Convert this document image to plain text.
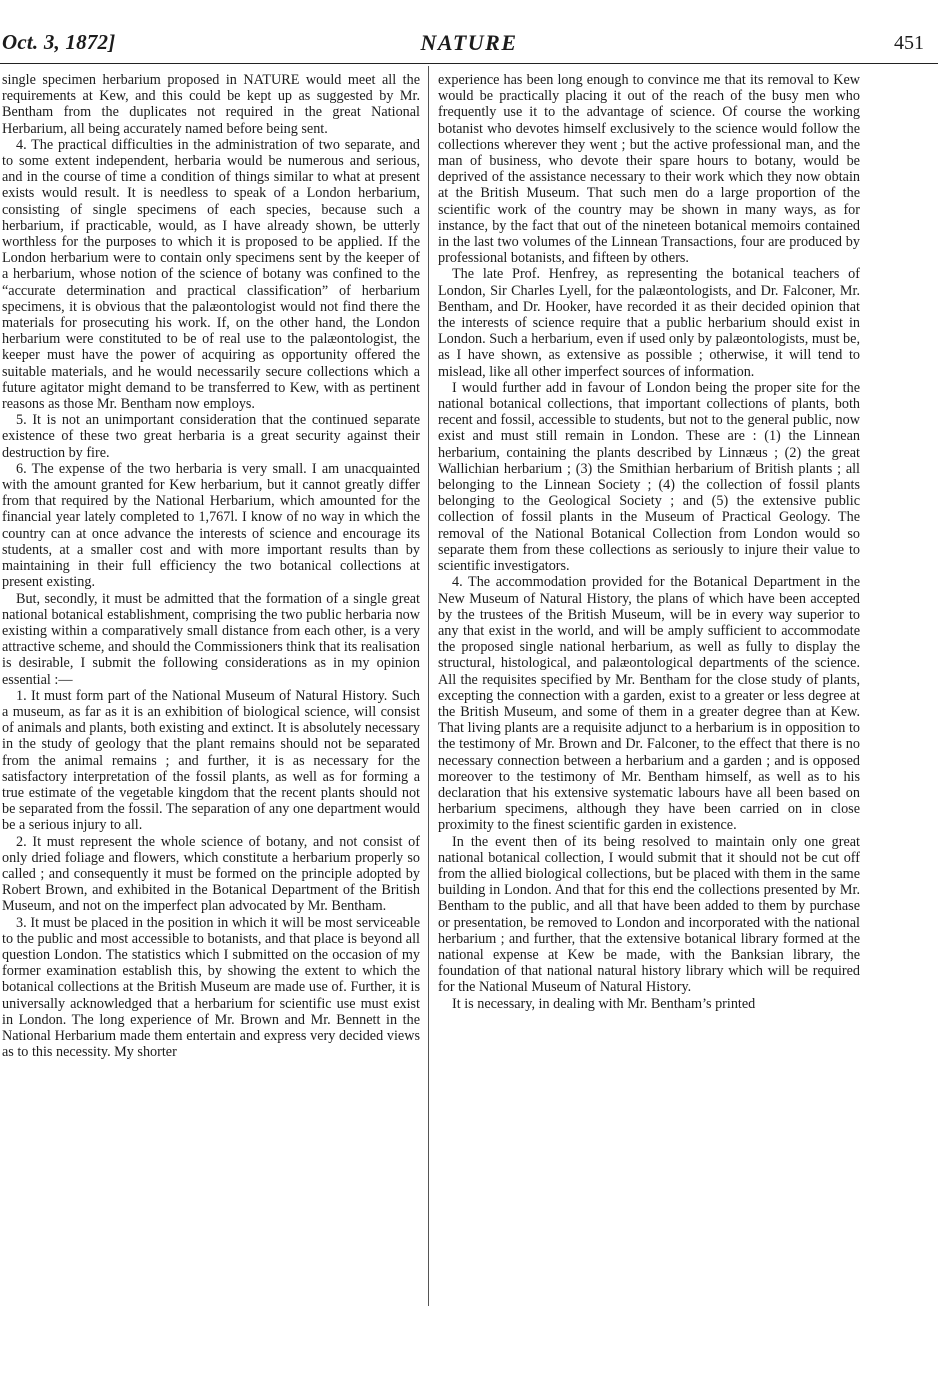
Oct. 3, 1872]	NATURE	451

single specimen herbarium proposed in NATURE would meet all the requirements at Kew, and this could be kept up as suggested by Mr. Bentham from the duplicates not required in the great National Herbarium, all being accurately named before being sent.

4. The practical difficulties in the administration of two separate, and to some extent independent, herbaria would be numerous and serious, and in the course of time a condition of things similar to what at present exists would result. It is needless to speak of a London herbarium, consisting of single specimens of each species, because such a herbarium, if practicable, would, as I have already shown, be utterly worthless for the purposes to which it is proposed to be applied. If the London herbarium were to contain only specimens sent by the keeper of a herbarium, whose notion of the science of botany was confined to the “accurate determination and practical classification” of herbarium specimens, it is obvious that the palæontologist would not find there the materials for prosecuting his work. If, on the other hand, the London herbarium were constituted to be of real use to the palæontologist, the keeper must have the power of acquiring as opportunity offered the suitable materials, and he would necessarily secure collections which a future agitator might demand to be transferred to Kew, with as pertinent reasons as those Mr. Bentham now employs.

5. It is not an unimportant consideration that the continued separate existence of these two great herbaria is a great security against their destruction by fire.

6. The expense of the two herbaria is very small. I am unacquainted with the amount granted for Kew herbarium, but it cannot greatly differ from that required by the National Herbarium, which amounted for the financial year lately completed to 1,767l. I know of no way in which the country can at once advance the interests of science and encourage its students, at a smaller cost and with more important results than by maintaining in their full efficiency the two botanical collections at present existing.

But, secondly, it must be admitted that the formation of a single great national botanical establishment, comprising the two public herbaria now existing within a comparatively small distance from each other, is a very attractive scheme, and should the Commissioners think that its realisation is desirable, I submit the following considerations as in my opinion essential :—

1. It must form part of the National Museum of Natural History. Such a museum, as far as it is an exhibition of biological science, will consist of animals and plants, both existing and extinct. It is absolutely necessary in the study of geology that the plant remains should not be separated from the animal remains ; and further, it is as necessary for the satisfactory interpretation of the fossil plants, as well as for forming a true estimate of the vegetable kingdom that the recent plants should not be separated from the fossil. The separation of any one department would be a serious injury to all.

2. It must represent the whole science of botany, and not consist of only dried foliage and flowers, which constitute a herbarium properly so called ; and consequently it must be formed on the principle adopted by Robert Brown, and exhibited in the Botanical Department of the British Museum, and not on the imperfect plan advocated by Mr. Bentham.

3. It must be placed in the position in which it will be most serviceable to the public and most accessible to botanists, and that place is beyond all question London. The statistics which I submitted on the occasion of my former examination establish this, by showing the extent to which the botanical collections at the British Museum are made use of. Further, it is universally acknowledged that a herbarium for scientific use must exist in London. The long experience of Mr. Brown and Mr. Bennett in the National Herbarium made them entertain and express very decided views as to this necessity. My shorter

experience has been long enough to convince me that its removal to Kew would be practically placing it out of the reach of the busy men who frequently use it to the advantage of science. Of course the working botanist who devotes himself exclusively to the science would follow the collections wherever they went ; but the active professional man, and the man of business, who devote their spare hours to botany, would be deprived of the assistance necessary to their work which they now obtain at the British Museum. That such men do a large proportion of the scientific work of the country may be shown in many ways, as for instance, by the fact that out of the nineteen botanical memoirs contained in the last two volumes of the Linnean Transactions, four are produced by professional botanists, and fifteen by others.

The late Prof. Henfrey, as representing the botanical teachers of London, Sir Charles Lyell, for the palæontologists, and Dr. Falconer, Mr. Bentham, and Dr. Hooker, have recorded it as their decided opinion that the interests of science require that a public herbarium should exist in London. Such a herbarium, even if used only by palæontologists, must be, as I have shown, as extensive as possible ; otherwise, it will tend to mislead, like all other imperfect sources of information.

I would further add in favour of London being the proper site for the national botanical collections, that important collections of plants, both recent and fossil, accessible to students, but not to the general public, now exist and must still remain in London. These are : (1) the Linnean herbarium, containing the plants described by Linnæus ; (2) the great Wallichian herbarium ; (3) the Smithian herbarium of British plants ; all belonging to the Linnean Society ; (4) the collection of fossil plants belonging to the Geological Society ; and (5) the extensive public collection of fossil plants in the Museum of Practical Geology. The removal of the National Botanical Collection from London would so separate them from these collections as seriously to injure their value to scientific investigators.

4. The accommodation provided for the Botanical Department in the New Museum of Natural History, the plans of which have been accepted by the trustees of the British Museum, will be in every way superior to any that exist in the world, and will be amply sufficient to accommodate the proposed single national herbarium, as well as fully to display the structural, histological, and palæontological departments of the science. All the requisites specified by Mr. Bentham for the close study of plants, excepting the connection with a garden, exist to a greater or less degree at the British Museum, and some of them in a greater degree than at Kew. That living plants are a requisite adjunct to a herbarium is in opposition to the testimony of Mr. Brown and Dr. Falconer, to the effect that there is no necessary connection between a herbarium and a garden ; and is opposed moreover to the testimony of Mr. Bentham himself, as well as to his declaration that his extensive systematic labours have all been based on herbarium specimens, although they have been carried on in close proximity to the finest scientific garden in existence.

In the event then of its being resolved to maintain only one great national botanical collection, I would submit that it should not be cut off from the allied biological collections, but be placed with them in the same building in London. And that for this end the collections presented by Mr. Bentham to the public, and all that have been added to them by purchase or presentation, be removed to London and incorporated with the national herbarium ; and further, that the extensive botanical library formed at the national expense at Kew be made, with the Banksian library, the foundation of that national natural history library which will be required for the National Museum of Natural History.

It is necessary, in dealing with Mr. Bentham’s printed
